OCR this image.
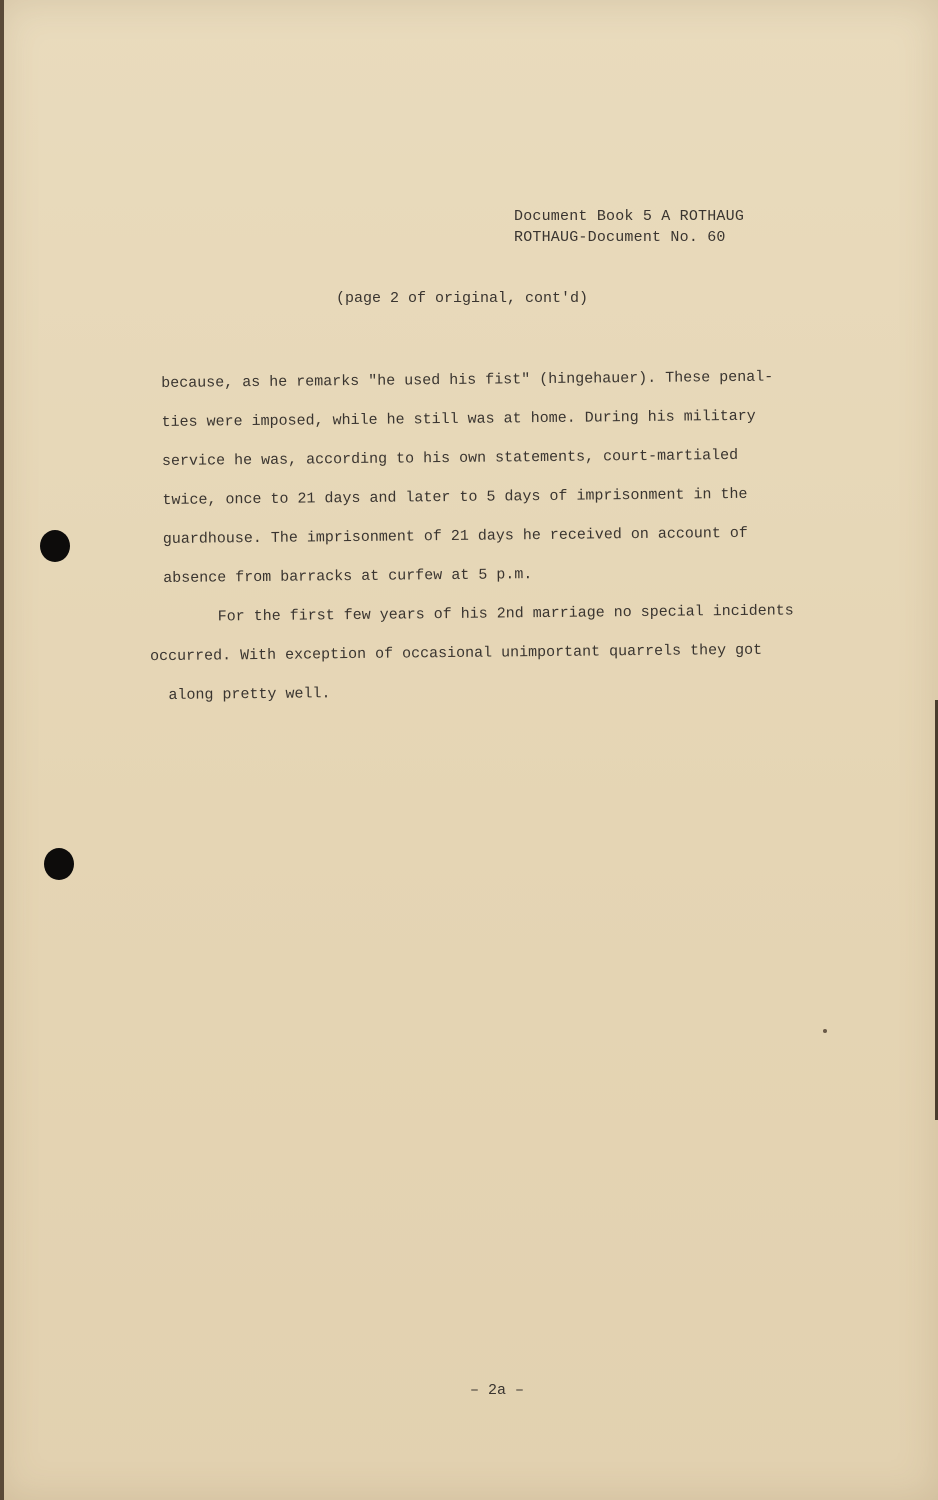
Document Book 5 A ROTHAUG
ROTHAUG-Document No. 60
(page 2 of original, cont'd)
because, as he remarks "he used his fist" (hingehauer). These penal-
ties were imposed, while he still was at home. During his military
service he was, according to his own statements, court-martialed
twice, once to 21 days and later to 5 days of imprisonment in the
guardhouse. The imprisonment of 21 days he received on account of
absence from barracks at curfew at 5 p.m.
For the first few years of his 2nd marriage no special incidents
occurred. With exception of occasional unimportant quarrels they got
along pretty well.
– 2a –
